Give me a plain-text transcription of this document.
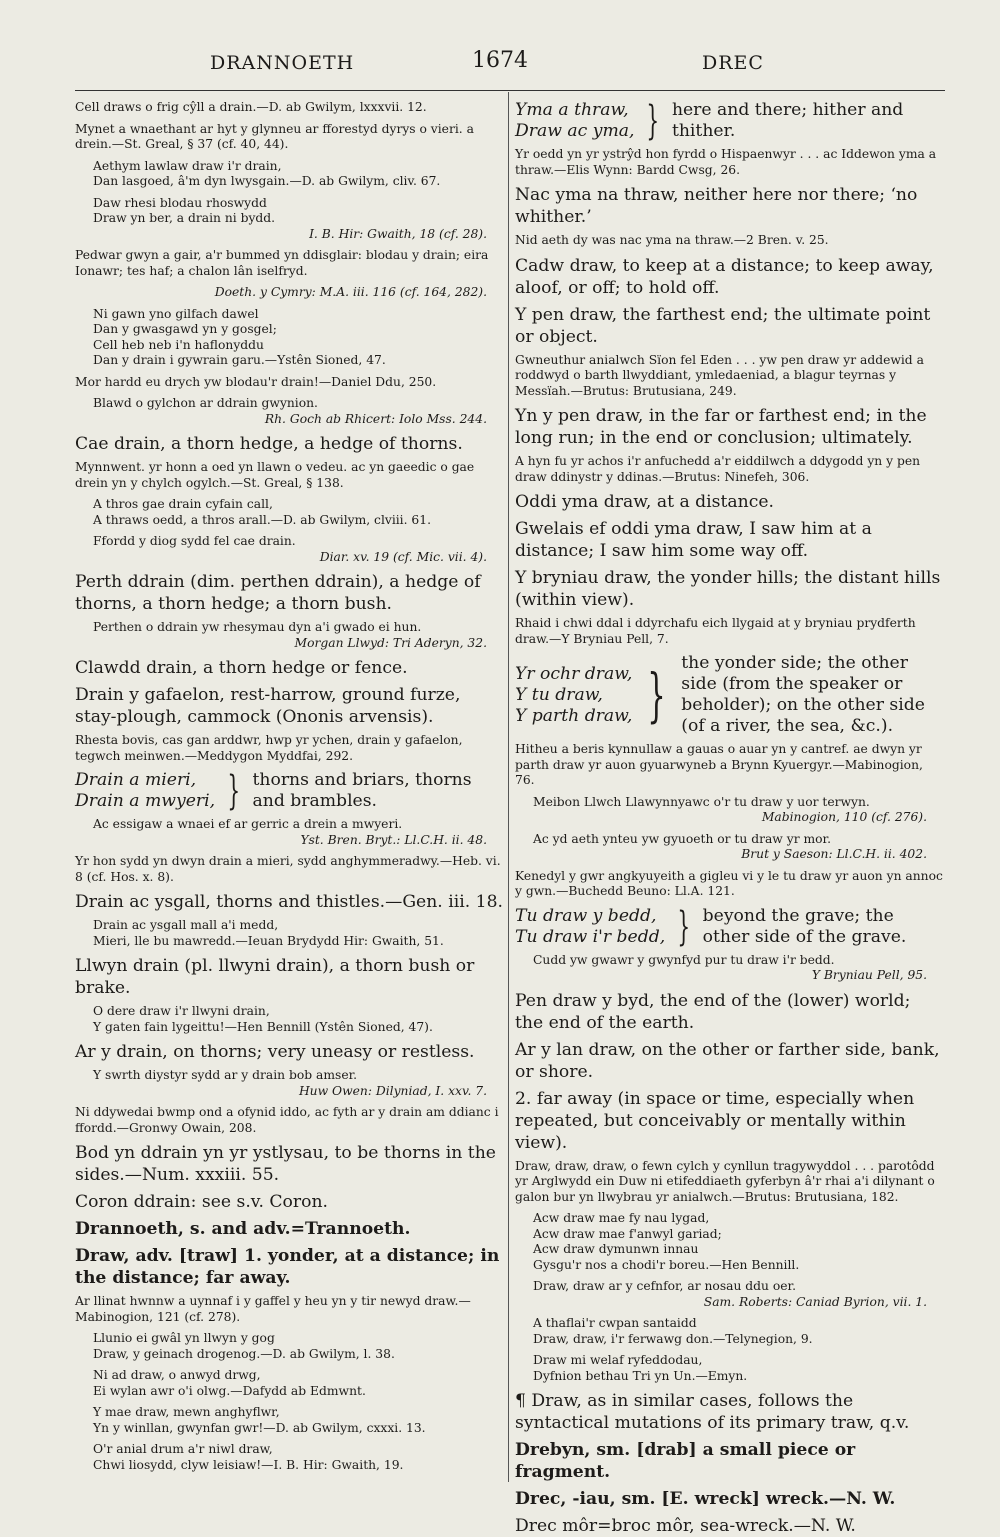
DRANNOETH	1674	DREC

Cell draws o frig cŷll a drain.—D. ab Gwilym, lxxxvii. 12.

Mynet a wnaethant ar hyt y glynneu ar fforestyd dyrys o vieri. a drein.—St. Greal, § 37 (cf. 40, 44).

Aethym lawlaw draw i'r drain,
Dan lasgoed, â'm dyn lwysgain.—D. ab Gwilym, cliv. 67.

Daw rhesi blodau rhoswydd
Draw yn ber, a drain ni bydd.
I. B. Hir: Gwaith, 18 (cf. 28).

Pedwar gwyn a gair, a'r bummed yn ddisglair: blodau y drain; eira Ionawr; tes haf; a chalon lân iselfryd.

Doeth. y Cymry: M.A. iii. 116 (cf. 164, 282).

Ni gawn yno gilfach dawel
Dan y gwasgawd yn y gosgel;
Cell heb neb i'n haflonyddu
Dan y drain i gywrain garu.—Ystên Sioned, 47.

Mor hardd eu drych yw blodau'r drain!—Daniel Ddu, 250.

Blawd o gylchon ar ddrain gwynion.
Rh. Goch ab Rhicert: Iolo Mss. 244.

Cae drain, a thorn hedge, a hedge of thorns.

Mynnwent. yr honn a oed yn llawn o vedeu. ac yn gaeedic o gae drein yn y chylch ogylch.—St. Greal, § 138.

A thros gae drain cyfain call,
A thraws oedd, a thros arall.—D. ab Gwilym, clviii. 61.

Ffordd y diog sydd fel cae drain.
Diar. xv. 19 (cf. Mic. vii. 4).

Perth ddrain (dim. perthen ddrain), a hedge of thorns, a thorn hedge; a thorn bush.

Perthen o ddrain yw rhesymau dyn a'i gwado ei hun.
Morgan Llwyd: Tri Aderyn, 32.

Clawdd drain, a thorn hedge or fence.

Drain y gafaelon, rest-harrow, ground furze, stay-plough, cammock (Ononis arvensis).

Rhesta bovis, cas gan arddwr, hwp yr ychen, drain y gafaelon, tegwch meinwen.—Meddygon Myddfai, 292.

Drain a mieri,
Drain a mwyeri, } thorns and briars, thorns and brambles.

Ac essigaw a wnaei ef ar gerric a drein a mwyeri.
Yst. Bren. Bryt.: Ll.C.H. ii. 48.

Yr hon sydd yn dwyn drain a mieri, sydd anghymmeradwy.—Heb. vi. 8 (cf. Hos. x. 8).

Drain ac ysgall, thorns and thistles.—Gen. iii. 18.

Drain ac ysgall mall a'i medd,
Mieri, lle bu mawredd.—Ieuan Brydydd Hir: Gwaith, 51.

Llwyn drain (pl. llwyni drain), a thorn bush or brake.

O dere draw i'r llwyni drain,
Y gaten fain lygeittu!—Hen Bennill (Ystên Sioned, 47).

Ar y drain, on thorns; very uneasy or restless.

Y swrth diystyr sydd ar y drain bob amser.
Huw Owen: Dilyniad, I. xxv. 7.

Ni ddywedai bwmp ond a ofynid iddo, ac fyth ar y drain am ddianc i ffordd.—Gronwy Owain, 208.

Bod yn ddrain yn yr ystlysau, to be thorns in the sides.—Num. xxxiii. 55.

Coron ddrain: see s.v. Coron.

Drannoeth, s. and adv.=Trannoeth.

Draw, adv. [traw] 1. yonder, at a distance; in the distance; far away.

Ar llinat hwnnw a uynnaf i y gaffel y heu yn y tir newyd draw.—Mabinogion, 121 (cf. 278).

Llunio ei gwâl yn llwyn y gog
Draw, y geinach drogenog.—D. ab Gwilym, l. 38.

Ni ad draw, o anwyd drwg,
Ei wylan awr o'i olwg.—Dafydd ab Edmwnt.

Y mae draw, mewn anghyflwr,
Yn y winllan, gwynfan gwr!—D. ab Gwilym, cxxxi. 13.

O'r anial drum a'r niwl draw,
Chwi liosydd, clyw leisiaw!—I. B. Hir: Gwaith, 19.

Yma a thraw,
Draw ac yma, } here and there; hither and thither.

Yr oedd yn yr ystrŷd hon fyrdd o Hispaenwyr . . . ac Iddewon yma a thraw.—Elis Wynn: Bardd Cwsg, 26.

Nac yma na thraw, neither here nor there; ‘no whither.’

Nid aeth dy was nac yma na thraw.—2 Bren. v. 25.

Cadw draw, to keep at a distance; to keep away, aloof, or off; to hold off.

Y pen draw, the farthest end; the ultimate point or object.

Gwneuthur anialwch Sïon fel Eden . . . yw pen draw yr addewid a roddwyd o barth llwyddiant, ymledaeniad, a blagur teyrnas y Messïah.—Brutus: Brutusiana, 249.

Yn y pen draw, in the far or farthest end; in the long run; in the end or conclusion; ultimately.

A hyn fu yr achos i'r anfuchedd a'r eiddilwch a ddygodd yn y pen draw ddinystr y ddinas.—Brutus: Ninefeh, 306.

Oddi yma draw, at a distance.

Gwelais ef oddi yma draw, I saw him at a distance; I saw him some way off.

Y bryniau draw, the yonder hills; the distant hills (within view).

Rhaid i chwi ddal i ddyrchafu eich llygaid at y bryniau prydferth draw.—Y Bryniau Pell, 7.

Yr ochr draw,
Y tu draw,
Y parth draw, } the yonder side; the other side (from the speaker or beholder); on the other side (of a river, the sea, &c.).

Hitheu a beris kynnullaw a gauas o auar yn y cantref. ae dwyn yr parth draw yr auon gyuarwyneb a Brynn Kyuergyr.—Mabinogion, 76.

Meibon Llwch Llawynnyawc o'r tu draw y uor terwyn.
Mabinogion, 110 (cf. 276).

Ac yd aeth ynteu yw gyuoeth or tu draw yr mor.
Brut y Saeson: Ll.C.H. ii. 402.

Kenedyl y gwr angkyuyeith a gigleu vi y le tu draw yr auon yn annoc y gwn.—Buchedd Beuno: Ll.A. 121.

Tu draw y bedd,
Tu draw i'r bedd, } beyond the grave; the other side of the grave.

Cudd yw gwawr y gwynfyd pur tu draw i'r bedd.
Y Bryniau Pell, 95.

Pen draw y byd, the end of the (lower) world; the end of the earth.

Ar y lan draw, on the other or farther side, bank, or shore.

2. far away (in space or time, especially when repeated, but conceivably or mentally within view).

Draw, draw, draw, o fewn cylch y cynllun tragywyddol . . . parotôdd yr Arglwydd ein Duw ni etifeddiaeth gyferbyn â'r rhai a'i dilynant o galon bur yn llwybrau yr anialwch.—Brutus: Brutusiana, 182.

Acw draw mae fy nau lygad,
Acw draw mae f'anwyl gariad;
Acw draw dymunwn innau
Gysgu'r nos a chodi'r boreu.—Hen Bennill.

Draw, draw ar y cefnfor, ar nosau ddu oer.
Sam. Roberts: Caniad Byrion, vii. 1.

A thaflai'r cwpan santaidd
Draw, draw, i'r ferwawg don.—Telynegion, 9.

Draw mi welaf ryfeddodau,
Dyfnion bethau Tri yn Un.—Emyn.

¶ Draw, as in similar cases, follows the syntactical mutations of its primary traw, q.v.

Drebyn, sm. [drab] a small piece or fragment.

Drec, -iau, sm. [E. wreck] wreck.—N. W.

Drec môr=broc môr, sea-wreck.—N. W.
